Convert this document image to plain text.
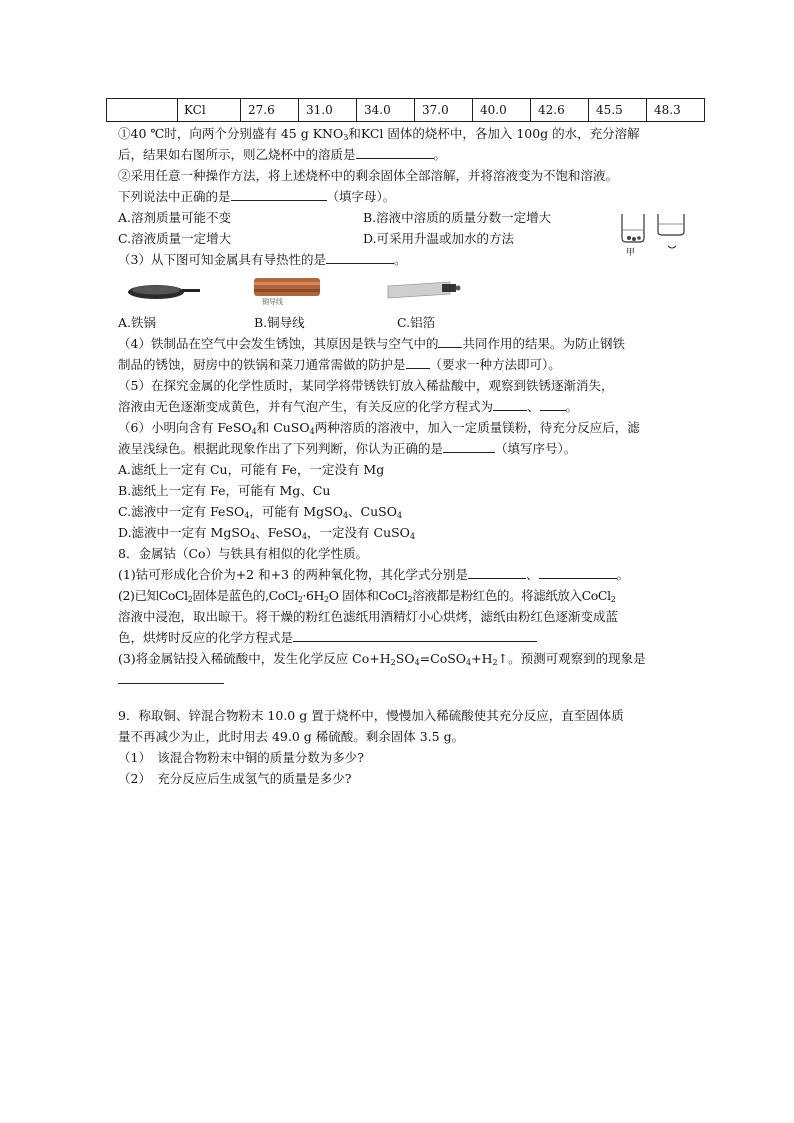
	KCl	27.6	31.0	34.0	37.0	40.0	42.6	45.5	48.3
①40 ℃时，向两个分别盛有 45 g $KNO_3$和KCl 固体的烧杯中，各加入 100g 的水，充分溶解
后，结果如右图所示，则乙烧杯中的溶质是	。
②采用任意一种操作方法，将上述烧杯中的剩余固体全部溶解，并将溶液变为不饱和溶液。
下列说法中正确的是	（填字母）。
A.溶剂质量可能不变	B.溶液中溶质的质量分数一定增大
C.溶液质量一定增大	D.可采用升温或加水的方法
甲
（3）从下图可知金属具有导热性的是	。
铜导线
A.铁锅	B.铜导线	C.铝箔
（4）铁制品在空气中会发生锈蚀，其原因是铁与空气中的 共同作用的结果。为防止钢铁
制品的锈蚀，厨房中的铁锅和菜刀通常需做的防护是 （要求一种方法即可）。
（5）在探究金属的化学性质时，某同学将带锈铁钉放入稀盐酸中，观察到铁锈逐渐消失，
溶液由无色逐渐变成黄色，并有气泡产生，有关反应的化学方程式为	、 。
（6）小明向含有 FeSO$_4$和 CuSO$_4$两种溶质的溶液中，加入一定质量镁粉，待充分反应后，滤
液呈浅绿色。根据此现象作出了下列判断，你认为正确的是	（填写序号）。
A.滤纸上一定有 Cu，可能有 Fe，一定没有 Mg
B.滤纸上一定有 Fe，可能有 Mg、Cu
C.滤液中一定有 FeSO$_4$，可能有 MgSO$_4$、CuSO$_4$
D.滤液中一定有 MgSO$_4$、FeSO$_4$，一定没有 CuSO$_4$
8．金属钴（Co）与铁具有相似的化学性质。
(1)钴可形成化合价为+2 和+3 的两种氧化物，其化学式分别是	、	。
(2)已知CoCl$_2$固体是蓝色的$,CoCl_2\cdot 6H_2O$ 固体和CoCl$_2$溶液都是粉红色的。将滤纸放入CoCl$_2$
溶液中浸泡，取出晾干。将干燥的粉红色滤纸用酒精灯小心烘烤，滤纸由粉红色逐渐变成蓝
色，烘烤时反应的化学方程式是
(3)将金属钴投入稀硫酸中，发生化学反应 $Co+H_2SO_4=CoSO_4+H_2↑$。预测可观察到的现象是
9．称取铜、锌混合物粉末 10.0 g 置于烧杯中，慢慢加入稀硫酸使其充分反应，直至固体质
量不再减少为止，此时用去 49.0 g 稀硫酸。剩余固体 3.5 g。
（1）　该混合物粉末中铜的质量分数为多少?
（2）　充分反应后生成氢气的质量是多少?
